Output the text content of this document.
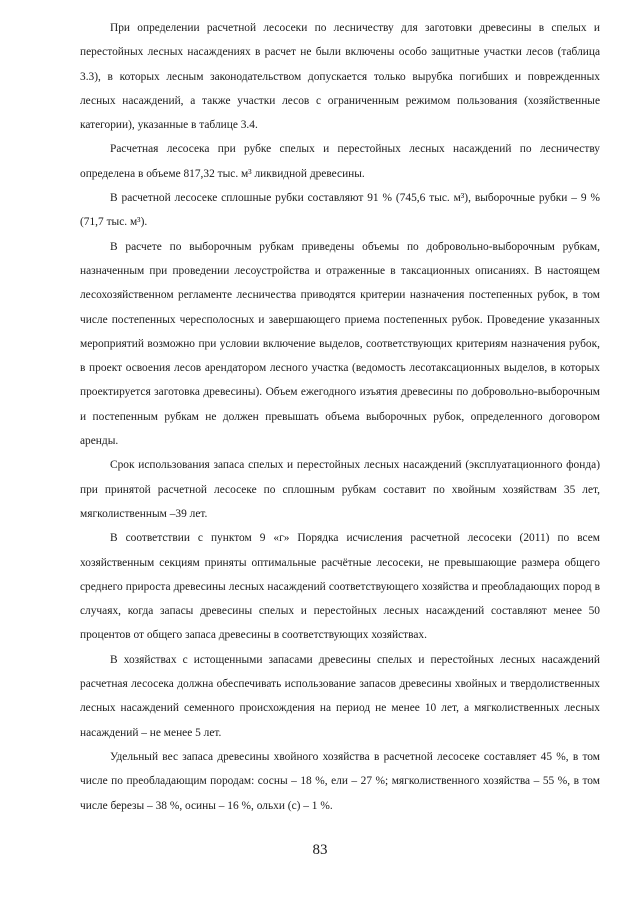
При определении расчетной лесосеки по лесничеству для заготовки древесины в спелых и перестойных лесных насаждениях в расчет не были включены особо защитные участки лесов (таблица 3.3), в которых лесным законодательством допускается только вырубка погибших и поврежденных лесных насаждений, а также участки лесов с ограниченным режимом пользования (хозяйственные категории), указанные в таблице 3.4.

Расчетная лесосека при рубке спелых и перестойных лесных насаждений по лесничеству определена в объеме 817,32 тыс. м³ ликвидной древесины.

В расчетной лесосеке сплошные рубки составляют 91 % (745,6 тыс. м³), выборочные рубки – 9 % (71,7 тыс. м³).

В расчете по выборочным рубкам приведены объемы по добровольно-выборочным рубкам, назначенным при проведении лесоустройства и отраженные в таксационных описаниях. В настоящем лесохозяйственном регламенте лесничества приводятся критерии назначения постепенных рубок, в том числе постепенных чересполосных и завершающего приема постепенных рубок. Проведение указанных мероприятий возможно при условии включение выделов, соответствующих критериям назначения рубок, в проект освоения лесов арендатором лесного участка (ведомость лесотаксационных выделов, в которых проектируется заготовка древесины). Объем ежегодного изъятия древесины по добровольно-выборочным и постепенным рубкам не должен превышать объема выборочных рубок, определенного договором аренды.

Срок использования запаса спелых и перестойных лесных насаждений (эксплуатационного фонда) при принятой расчетной лесосеке по сплошным рубкам составит по хвойным хозяйствам 35 лет, мягколиственным –39 лет.

В соответствии с пунктом 9 «г» Порядка исчисления расчетной лесосеки (2011) по всем хозяйственным секциям приняты оптимальные расчётные лесосеки, не превышающие размера общего среднего прироста древесины лесных насаждений соответствующего хозяйства и преобладающих пород в случаях, когда запасы древесины спелых и перестойных лесных насаждений составляют менее 50 процентов от общего запаса древесины в соответствующих хозяйствах.

В хозяйствах с истощенными запасами древесины спелых и перестойных лесных насаждений расчетная лесосека должна обеспечивать использование запасов древесины хвойных и твердолиственных лесных насаждений семенного происхождения на период не менее 10 лет, а мягколиственных лесных насаждений – не менее 5 лет.

Удельный вес запаса древесины хвойного хозяйства в расчетной лесосеке составляет 45 %, в том числе по преобладающим породам: сосны – 18 %, ели – 27 %; мягколиственного хозяйства – 55 %, в том числе березы – 38 %, осины – 16 %, ольхи (с) – 1 %.

83
